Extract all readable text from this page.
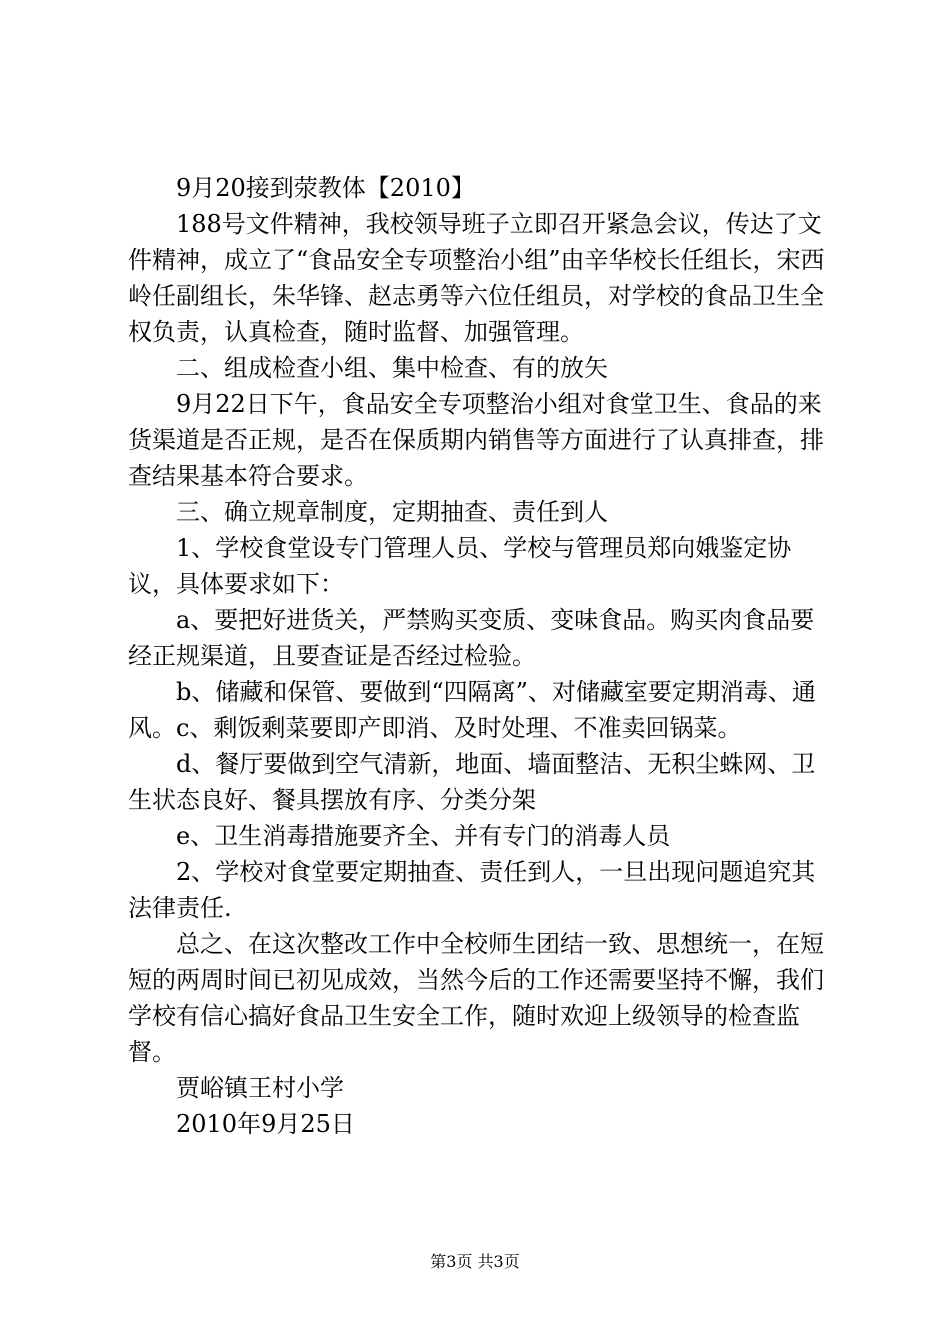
9月20接到荥教体【2010】

188号文件精神，我校领导班子立即召开紧急会议，传达了文件精神，成立了“食品安全专项整治小组”由辛华校长任组长，宋西岭任副组长，朱华锋、赵志勇等六位任组员，对学校的食品卫生全权负责，认真检查，随时监督、加强管理。

二、组成检查小组、集中检查、有的放矢

9月22日下午，食品安全专项整治小组对食堂卫生、食品的来货渠道是否正规，是否在保质期内销售等方面进行了认真排查，排查结果基本符合要求。

三、确立规章制度，定期抽查、责任到人

1、学校食堂设专门管理人员、学校与管理员郑向娥鉴定协议，具体要求如下：

a、要把好进货关，严禁购买变质、变味食品。购买肉食品要经正规渠道，且要查证是否经过检验。

b、储藏和保管、要做到“四隔离”、对储藏室要定期消毒、通风。c、剩饭剩菜要即产即消、及时处理、不准卖回锅菜。

d、餐厅要做到空气清新，地面、墙面整洁、无积尘蛛网、卫生状态良好、餐具摆放有序、分类分架

e、卫生消毒措施要齐全、并有专门的消毒人员

2、学校对食堂要定期抽查、责任到人，一旦出现问题追究其法律责任.

总之、在这次整改工作中全校师生团结一致、思想统一，在短短的两周时间已初见成效，当然今后的工作还需要坚持不懈，我们学校有信心搞好食品卫生安全工作，随时欢迎上级领导的检查监督。

贾峪镇王村小学

2010年9月25日

第3页 共3页
